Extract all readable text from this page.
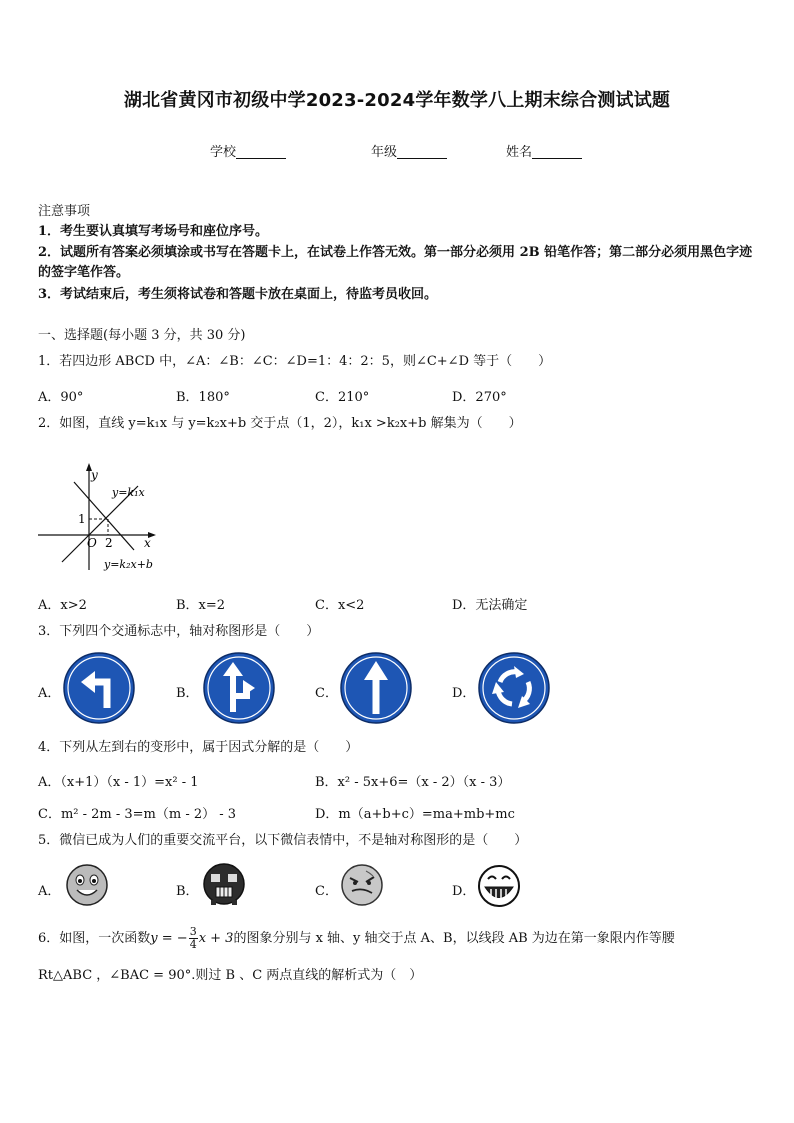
湖北省黄冈市初级中学2023-2024学年数学八上期末综合测试试题
学校	年级	姓名
注意事项
1．考生要认真填写考场号和座位序号。
2．试题所有答案必须填涂或书写在答题卡上，在试卷上作答无效。第一部分必须用 2B 铅笔作答；第二部分必须用黑色字迹的签字笔作答。
3．考试结束后，考生须将试卷和答题卡放在桌面上，待监考员收回。
一、选择题(每小题 3 分，共 30 分)
1．若四边形 ABCD 中，∠A：∠B：∠C：∠D=1：4：2：5，则∠C+∠D 等于（　　）
A．90°	B．180°	C．210°	D．270°
2．如图，直线 y=k₁x 与 y=k₂x+b 交于点（1，2），k₁x >k₂x+b 解集为（　　）
y
x
O
1
2
y=k₁x
y=k₂x+b
A．x>2	B．x=2	C．x<2	D．无法确定
3．下列四个交通标志中，轴对称图形是（　　）
A．	B．	C．	D．
4．下列从左到右的变形中，属于因式分解的是（　　）
A．（x+1）（x - 1）=x² - 1	B．x² - 5x+6=（x - 2）（x - 3）
C．m² - 2m - 3=m（m - 2） - 3	D．m（a+b+c）=ma+mb+mc
5．微信已成为人们的重要交流平台，以下微信表情中，不是轴对称图形的是（　　）
A．	B．	C．	D．
6．如图，一次函数y = − $\frac{3}{4}$ x + 3的图象分别与 x 轴、y 轴交于点 A、B，以线段 AB 为边在第一象限内作等腰
Rt△ABC ，∠BAC = 90°.则过 B 、C 两点直线的解析式为（　）
